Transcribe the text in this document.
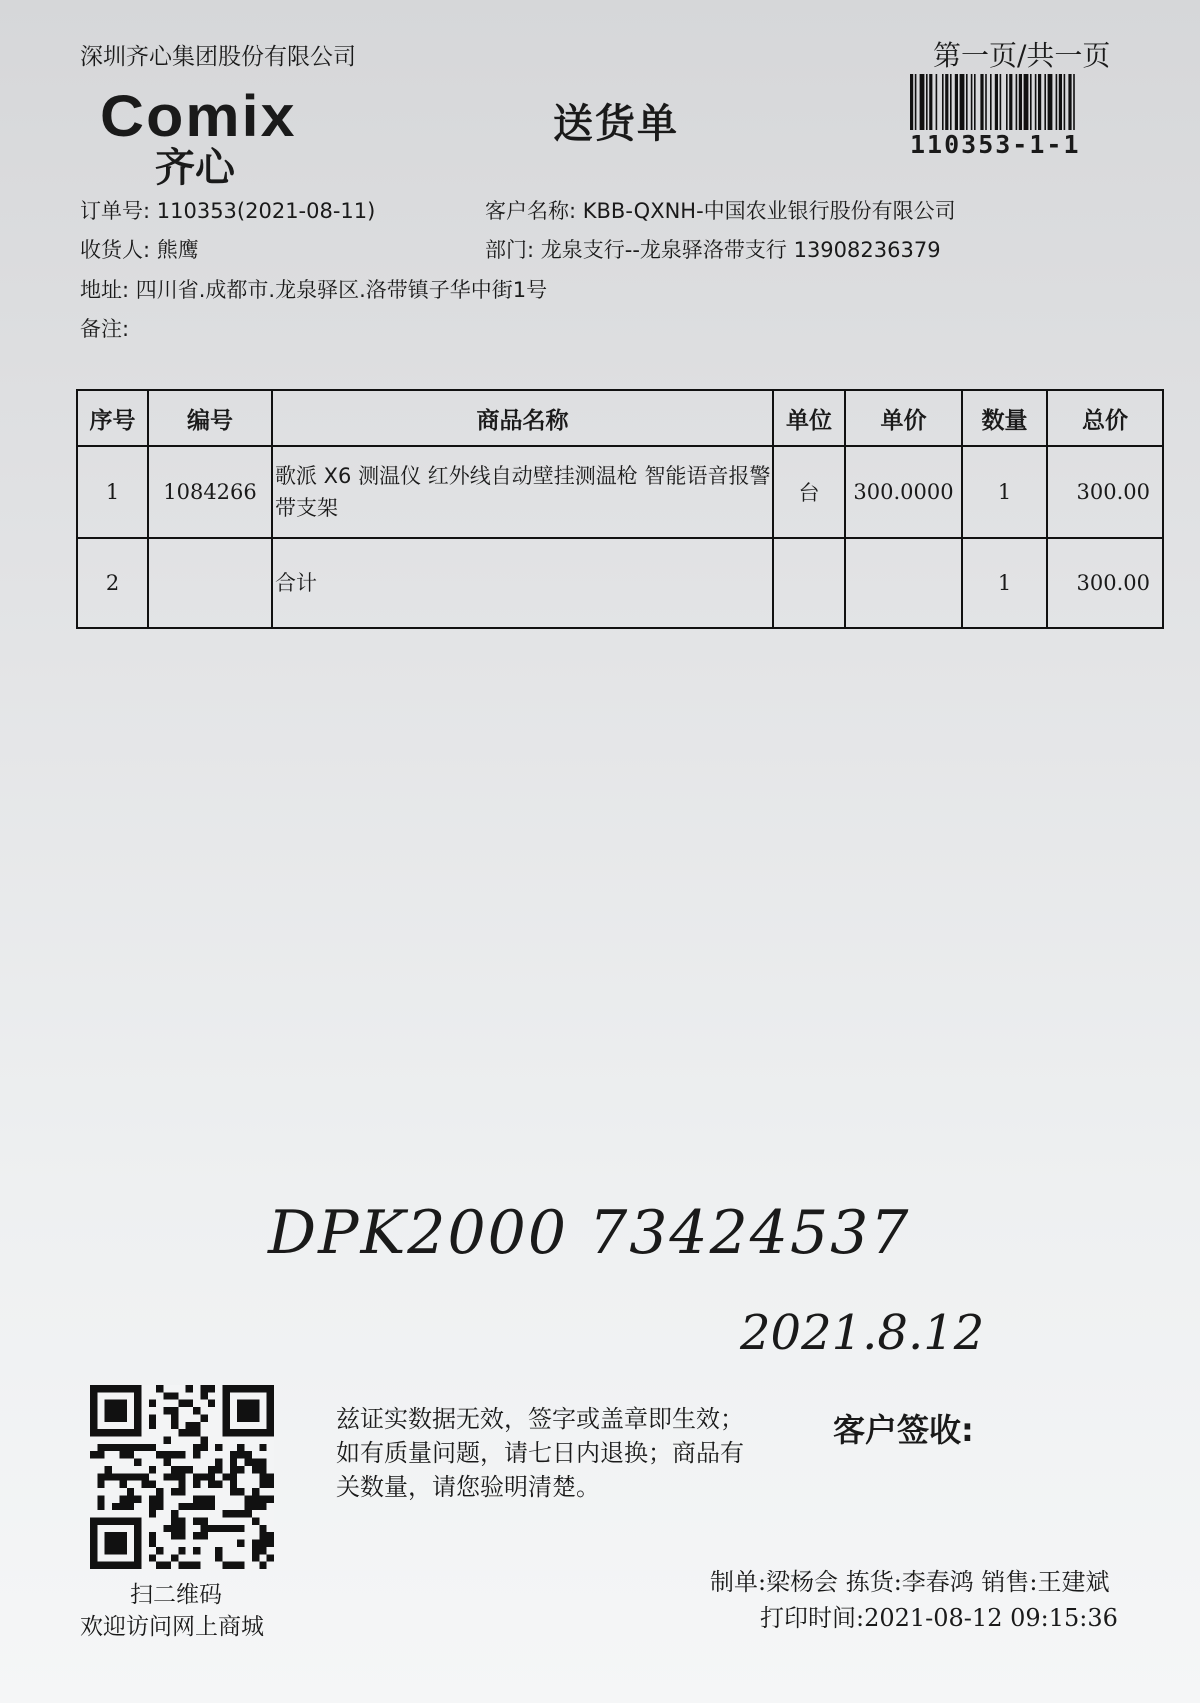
深圳齐心集团股份有限公司	第一页/共一页
Comix
齐心
送货单	110353-1-1
订单号: 110353(2021-08-11)	客户名称: KBB-QXNH-中国农业银行股份有限公司
收货人: 熊鹰	部门: 龙泉支行--龙泉驿洛带支行 13908236379
地址: 四川省.成都市.龙泉驿区.洛带镇子华中街1号
备注:
序号	编号	商品名称	单位	单价	数量	总价
1	1084266	歌派 X6 测温仪 红外线自动壁挂测温枪 智能语音报警 带支架	台	300.0000	1	300.00
2		合计			1	300.00
DPK2000 73424537
2021.8.12
扫二维码
欢迎访问网上商城
兹证实数据无效，签字或盖章即生效；如有质量问题，请七日内退换；商品有关数量，请您验明清楚。
客户签收:
制单:梁杨会 拣货:李春鸿 销售:王建斌
打印时间:2021-08-12 09:15:36
